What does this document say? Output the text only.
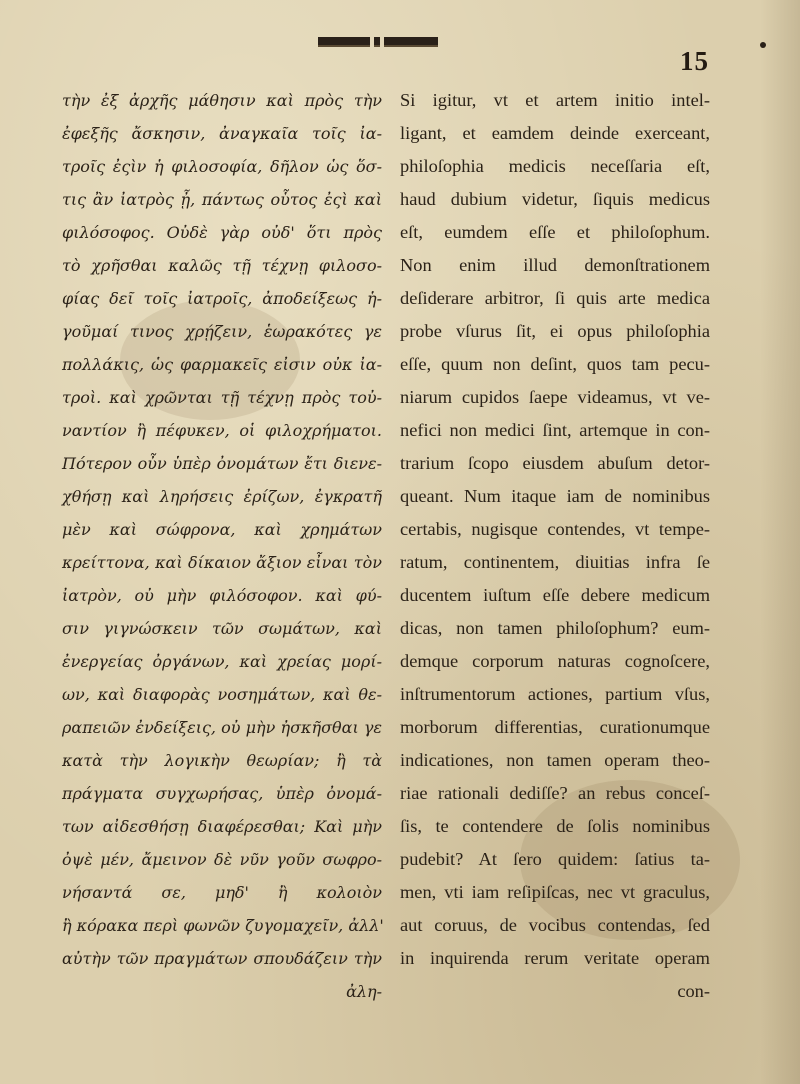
15
τὴν ἐξ ἀρχῆς μάθησιν καὶ πρὸς τὴν
ἐφεξῆς ἄσκησιν, ἀναγκαῖα τοῖς ἰα-
τροῖς ἐςὶν ἡ φιλοσοφία, δῆλον ὡς ὅσ-
τις ἂν ἰατρὸς ᾖ, πάντως οὗτος ἐςὶ καὶ
φιλόσοφος. Οὐδὲ γὰρ οὐδ' ὅτι πρὸς
τὸ χρῆσθαι καλῶς τῇ τέχνῃ φιλοσο-
φίας δεῖ τοῖς ἰατροῖς, ἀποδείξεως ἡ-
γοῦμαί τινος χρῄζειν, ἑωρακότες γε
πολλάκις, ὡς φαρμακεῖς εἰσιν οὐκ ἰα-
τροὶ. καὶ χρῶνται τῇ τέχνῃ πρὸς τοὐ-
ναντίον ἢ πέφυκεν, οἱ φιλοχρήματοι.
Πότερον οὖν ὑπὲρ ὀνομάτων ἔτι διενε-
χθήσῃ καὶ ληρήσεις ἐρίζων, ἐγκρατῆ
μὲν καὶ σώφρονα, καὶ χρημάτων
κρείττονα, καὶ δίκαιον ἄξιον εἶναι τὸν
ἰατρὸν, οὐ μὴν φιλόσοφον. καὶ φύ-
σιν γιγνώσκειν τῶν σωμάτων, καὶ
ἐνεργείας ὀργάνων, καὶ χρείας μορί-
ων, καὶ διαφορὰς νοσημάτων, καὶ θε-
ραπειῶν ἐνδείξεις, οὐ μὴν ἠσκῆσθαι γε
κατὰ τὴν λογικὴν θεωρίαν; ἢ τὰ
πράγματα συγχωρήσας, ὑπὲρ ὀνομά-
των αἰδεσθήσῃ διαφέρεσθαι; Καὶ μὴν
ὀψὲ μέν, ἄμεινον δὲ νῦν γοῦν σωφρο-
νήσαντά σε, μηδ' ἢ κολοιὸν
ἢ κόρακα περὶ φωνῶν ζυγομαχεῖν, ἀλλ'
αὐτὴν τῶν πραγμάτων σπουδάζειν τὴν
ἀλη-
Si igitur, vt et artem initio intel-
ligant, et eamdem deinde exerceant,
philoſophia medicis neceſſaria eſt,
haud dubium videtur, ſiquis medicus
eſt, eumdem eſſe et philoſophum.
Non enim illud demonſtrationem
deſiderare arbitror, ſi quis arte medica
probe vſurus ſit, ei opus philoſophia
eſſe, quum non deſint, quos tam pecu-
niarum cupidos ſaepe videamus, vt ve-
nefici non medici ſint, artemque in con-
trarium ſcopo eiusdem abuſum detor-
queant. Num itaque iam de nominibus
certabis, nugisque contendes, vt tempe-
ratum, continentem, diuitias infra ſe
ducentem iuſtum eſſe debere medicum
dicas, non tamen philoſophum? eum-
demque corporum naturas cognoſcere,
inſtrumentorum actiones, partium vſus,
morborum differentias, curationumque
indicationes, non tamen operam theo-
riae rationali dediſſe? an rebus conceſ-
ſis, te contendere de ſolis nominibus
pudebit? At ſero quidem: ſatius ta-
men, vti iam reſipiſcas, nec vt graculus,
aut coruus, de vocibus contendas, ſed
in inquirenda rerum veritate operam
con-
